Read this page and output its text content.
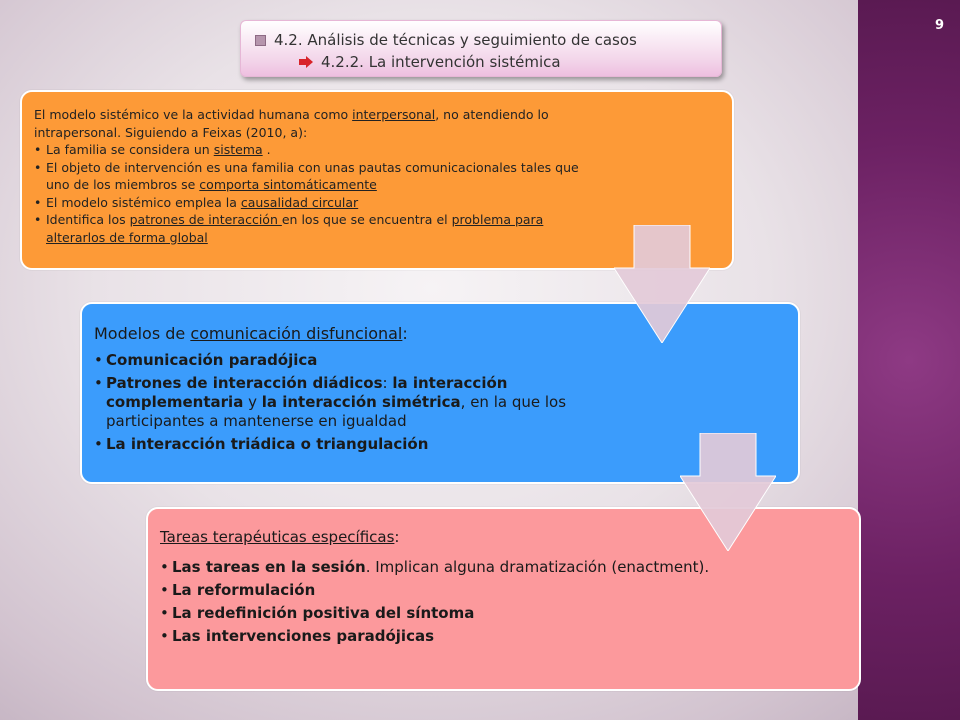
9
4.2. Análisis de técnicas y seguimiento de casos
4.2.2. La intervención sistémica

El modelo sistémico ve la actividad humana como interpersonal, no atendiendo lo intrapersonal. Siguiendo a Feixas (2010, a):

• La familia se considera un sistema .
• El objeto de intervención es una familia con unas pautas comunicacionales tales que uno de los miembros se comporta sintomáticamente
• El modelo sistémico emplea la causalidad circular
• Identifica los patrones de interacción en los que se encuentra el problema para alterarlos de forma global

Modelos de comunicación disfuncional:

• Comunicación paradójica
• Patrones de interacción diádicos: la interacción complementaria y la interacción simétrica, en la que los participantes a mantenerse en igualdad
• La interacción triádica o triangulación

Tareas terapéuticas específicas:

• Las tareas en la sesión. Implican alguna dramatización (enactment).
• La reformulación
• La redefinición positiva del síntoma
• Las intervenciones paradójicas
